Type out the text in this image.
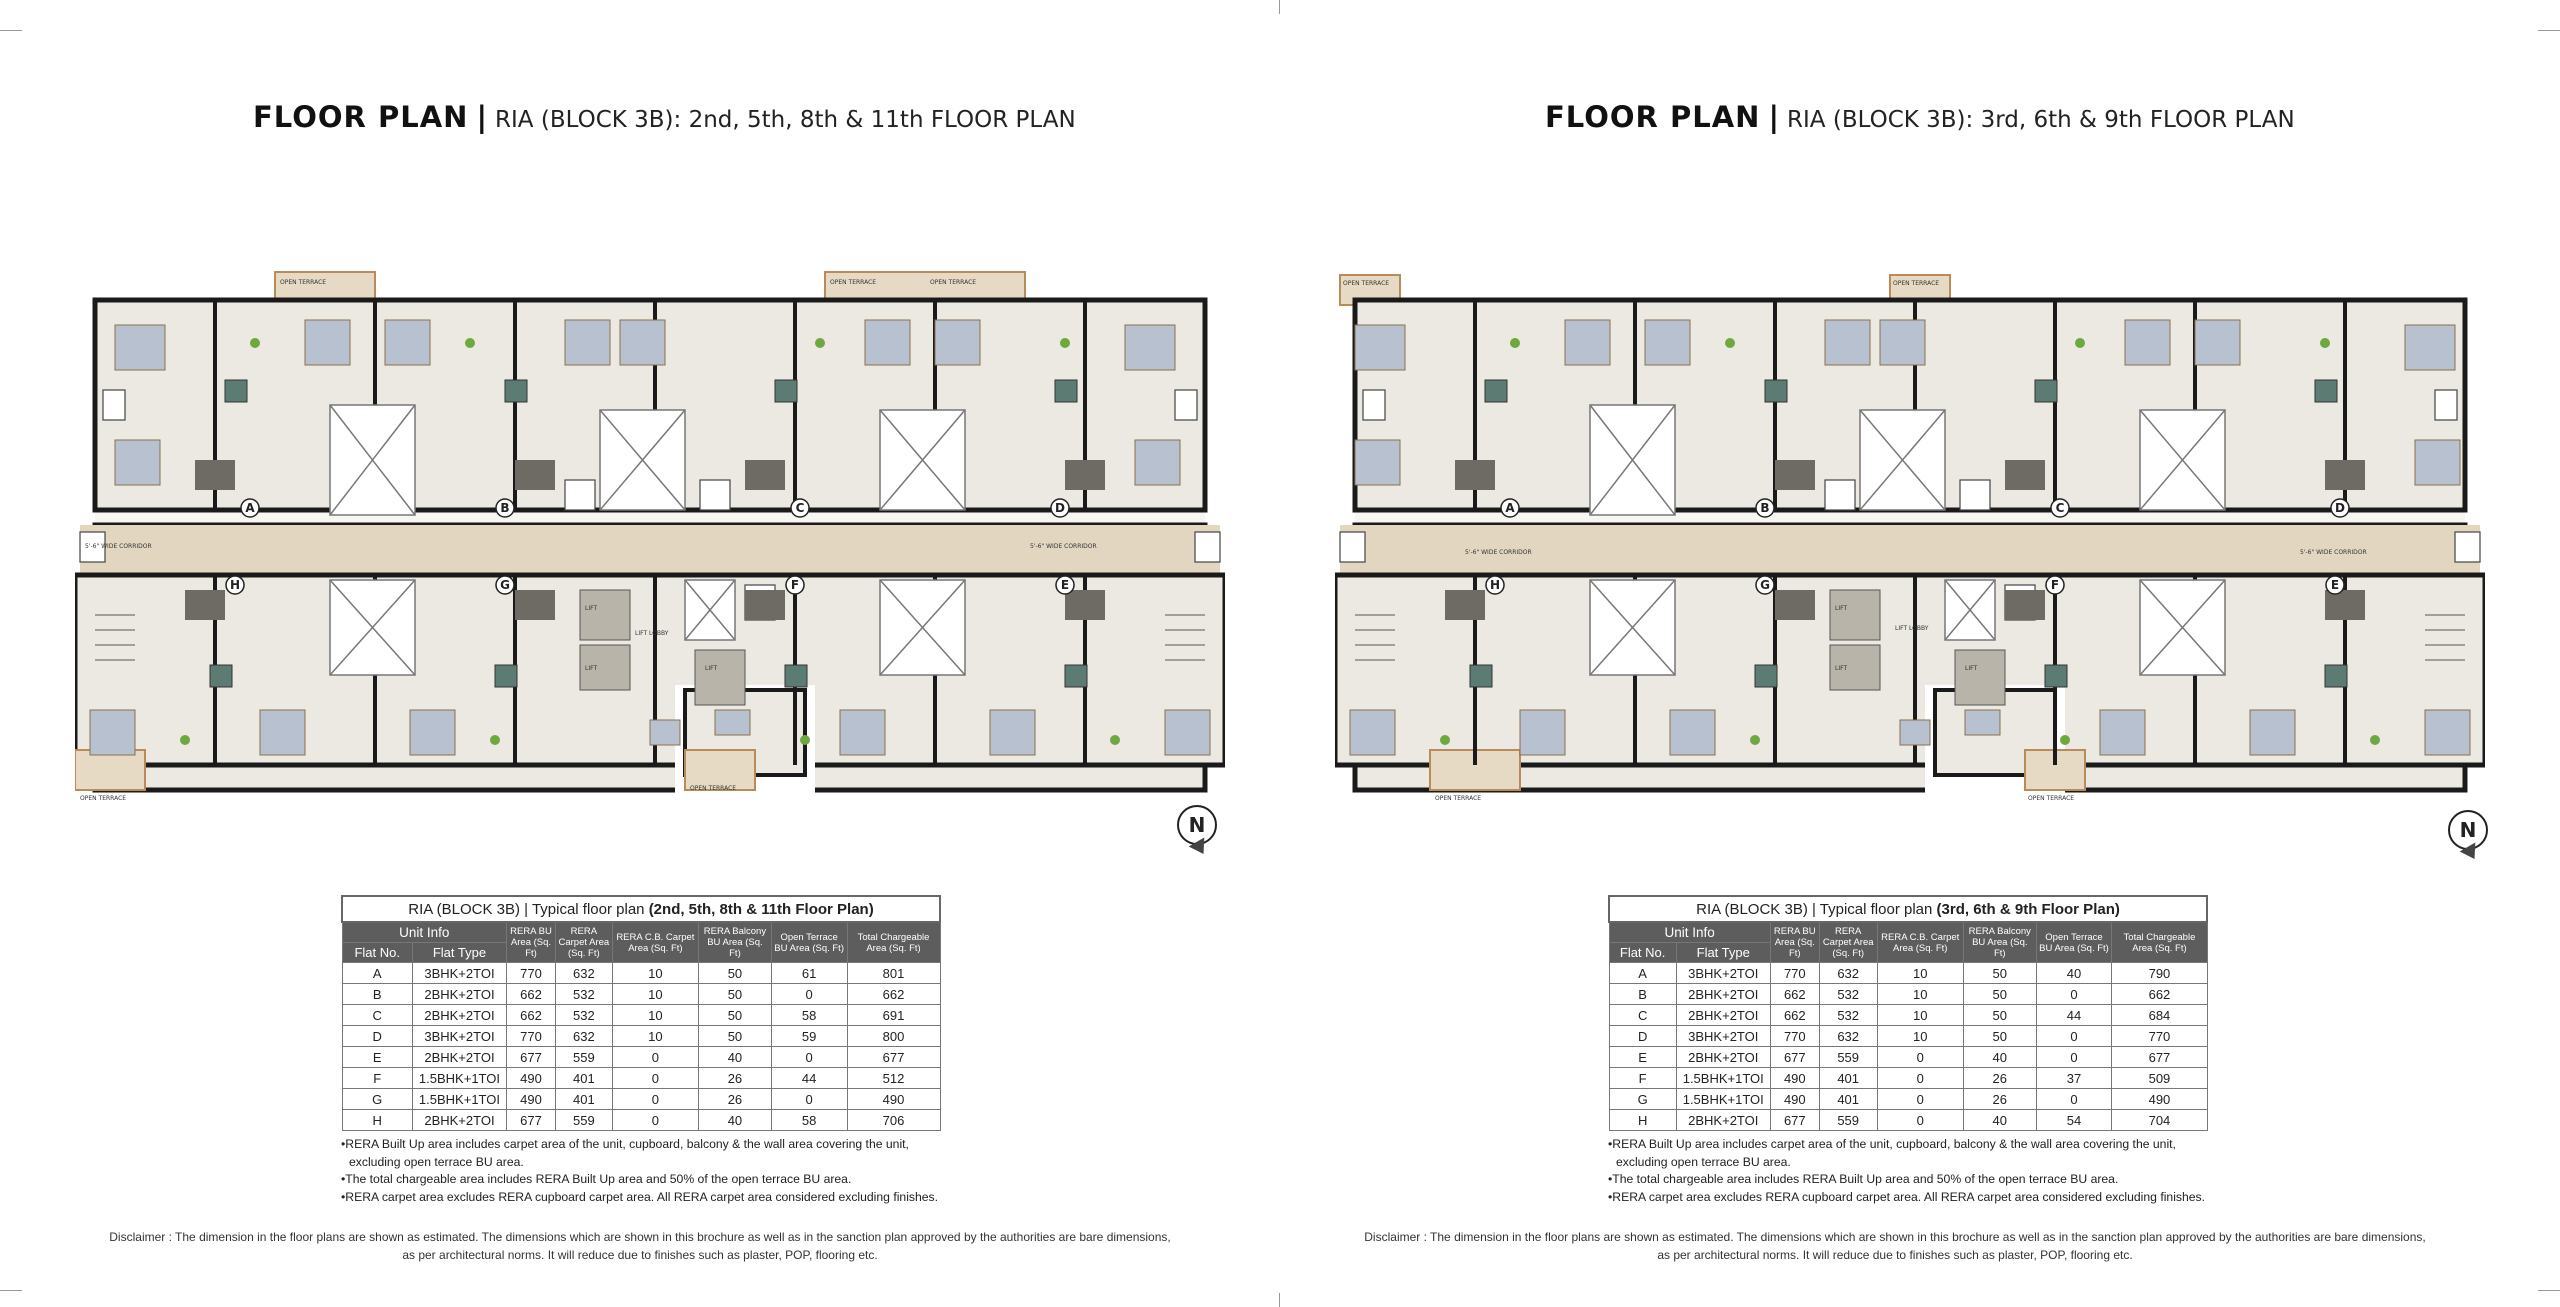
FLOOR PLAN | RIA (BLOCK 3B): 2nd, 5th, 8th & 11th FLOOR PLAN
A	B	C	D
H	G	F	E
5'-6" WIDE CORRIDOR	5'-6" WIDE CORRIDOR
LIFT LOBBY
LIFT
LIFT	LIFT
OPEN TERRACE	OPEN TERRACE	OPEN TERRACE
OPEN TERRACE
OPEN TERRACE
N
RIA (BLOCK 3B) | Typical floor plan (2nd, 5th, 8th & 11th Floor Plan)							
Unit Info		RERA BU Area (Sq. Ft)	RERA Carpet Area (Sq. Ft)	RERA C.B. Carpet Area (Sq. Ft)	RERA Balcony BU Area (Sq. Ft)	Open Terrace BU Area (Sq. Ft)	Total Chargeable Area (Sq. Ft)
Flat No.	Flat Type						
A	3BHK+2TOI	770	632	10	50	61	801
B	2BHK+2TOI	662	532	10	50	0	662
C	2BHK+2TOI	662	532	10	50	58	691
D	3BHK+2TOI	770	632	10	50	59	800
E	2BHK+2TOI	677	559	0	40	0	677
F	1.5BHK+1TOI	490	401	0	26	44	512
G	1.5BHK+1TOI	490	401	0	26	0	490
H	2BHK+2TOI	677	559	0	40	58	706
•RERA Built Up area includes carpet area of the unit, cupboard, balcony & the wall area covering the unit,
excluding open terrace BU area.
•The total chargeable area includes RERA Built Up area and 50% of the open terrace BU area.
•RERA carpet area excludes RERA cupboard carpet area. All RERA carpet area considered excluding finishes.
Disclaimer : The dimension in the floor plans are shown as estimated. The dimensions which are shown in this brochure as well as in the sanction plan approved by the authorities are bare dimensions,
as per architectural norms. It will reduce due to finishes such as plaster, POP, flooring etc.
FLOOR PLAN | RIA (BLOCK 3B): 3rd, 6th & 9th FLOOR PLAN
A	B	C	D
H	G	F	E
5'-6" WIDE CORRIDOR	5'-6" WIDE CORRIDOR
LIFT LOBBY
LIFT
LIFT	LIFT
OPEN TERRACE	OPEN TERRACE
OPEN TERRACE	OPEN TERRACE
N
RIA (BLOCK 3B) | Typical floor plan (3rd, 6th & 9th Floor Plan)							
Unit Info		RERA BU Area (Sq. Ft)	RERA Carpet Area (Sq. Ft)	RERA C.B. Carpet Area (Sq. Ft)	RERA Balcony BU Area (Sq. Ft)	Open Terrace BU Area (Sq. Ft)	Total Chargeable Area (Sq. Ft)
Flat No.	Flat Type						
A	3BHK+2TOI	770	632	10	50	40	790
B	2BHK+2TOI	662	532	10	50	0	662
C	2BHK+2TOI	662	532	10	50	44	684
D	3BHK+2TOI	770	632	10	50	0	770
E	2BHK+2TOI	677	559	0	40	0	677
F	1.5BHK+1TOI	490	401	0	26	37	509
G	1.5BHK+1TOI	490	401	0	26	0	490
H	2BHK+2TOI	677	559	0	40	54	704
•RERA Built Up area includes carpet area of the unit, cupboard, balcony & the wall area covering the unit,
excluding open terrace BU area.
•The total chargeable area includes RERA Built Up area and 50% of the open terrace BU area.
•RERA carpet area excludes RERA cupboard carpet area. All RERA carpet area considered excluding finishes.
Disclaimer : The dimension in the floor plans are shown as estimated. The dimensions which are shown in this brochure as well as in the sanction plan approved by the authorities are bare dimensions,
as per architectural norms. It will reduce due to finishes such as plaster, POP, flooring etc.
